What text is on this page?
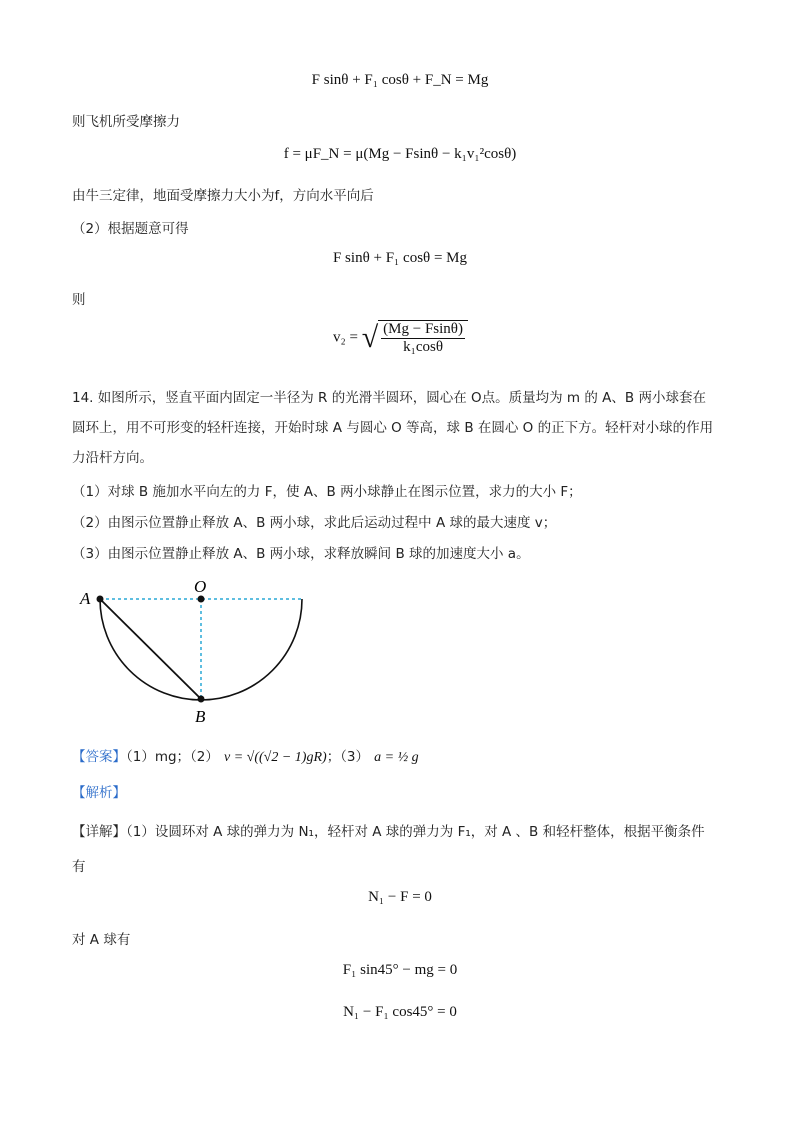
F sinθ + F₁ cosθ + F_N = Mg
则飞机所受摩擦力
f = μF_N = μ(Mg − Fsinθ − k₁v₁²cosθ)
由牛三定律，地面受摩擦力大小为f，方向水平向后
（2）根据题意可得
F sinθ + F₁ cosθ = Mg
则
v₂ = √ $\frac{(Mg - Fsin\theta)}{\text{k₁cosθ}}$
14. 如图所示，竖直平面内固定一半径为 R 的光滑半圆环，圆心在 O点。质量均为 m 的 A、B 两小球套在
圆环上，用不可形变的轻杆连接，开始时球 A 与圆心 O 等高，球 B 在圆心 O 的正下方。轻杆对小球的作用
力沿杆方向。
（1）对球 B 施加水平向左的力 F，使 A、B 两小球静止在图示位置，求力的大小 F；
（2）由图示位置静止释放 A、B 两小球，求此后运动过程中 A 球的最大速度 v；
（3）由图示位置静止释放 A、B 两小球，求释放瞬间 B 球的加速度大小 a。
A
O
B
【答案】（1）mg；（2） v = √((√2 − 1)gR)；（3） a = ½ g
【解析】
【详解】（1）设圆环对 A 球的弹力为 N₁，轻杆对 A 球的弹力为 F₁，对 A 、B 和轻杆整体，根据平衡条件
有
N₁ − F = 0
对 A 球有
F₁ sin45° − mg = 0
N₁ − F₁ cos45° = 0
